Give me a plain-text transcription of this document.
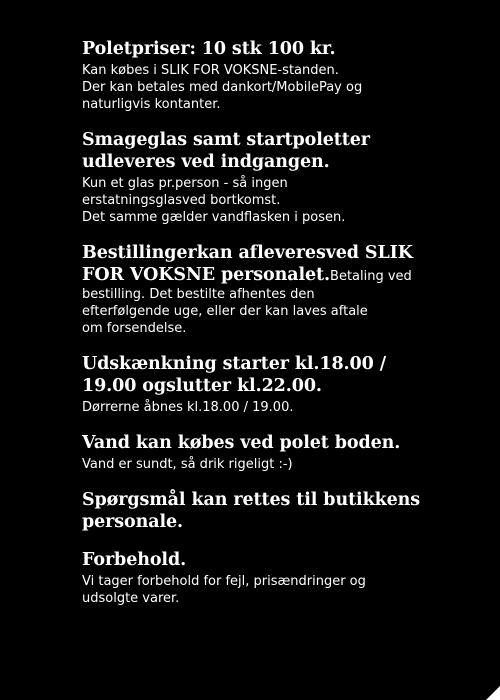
Poletpriser: 10 stk 100 kr.
Kan købes i SLIK FOR VOKSNE-standen.
Der kan betales med dankort/MobilePay og
naturligvis kontanter.
Smageglas samt startpoletter
udleveres ved indgangen.
Kun et glas pr.person - så ingen
erstatningsglasved bortkomst.
Det samme gælder vandflasken i posen.
Bestillingerkan afleveresved SLIK
FOR VOKSNE personalet.Betaling ved
bestilling. Det bestilte afhentes den
efterfølgende uge, eller der kan laves aftale
om forsendelse.
Udskænkning starter kl.18.00 /
19.00 ogslutter kl.22.00.
Dørrerne åbnes kl.18.00 / 19.00.
Vand kan købes ved polet boden.
Vand er sundt, så drik rigeligt :-)
Spørgsmål kan rettes til butikkens
personale.
Forbehold.
Vi tager forbehold for fejl, prisændringer og
udsolgte varer.
